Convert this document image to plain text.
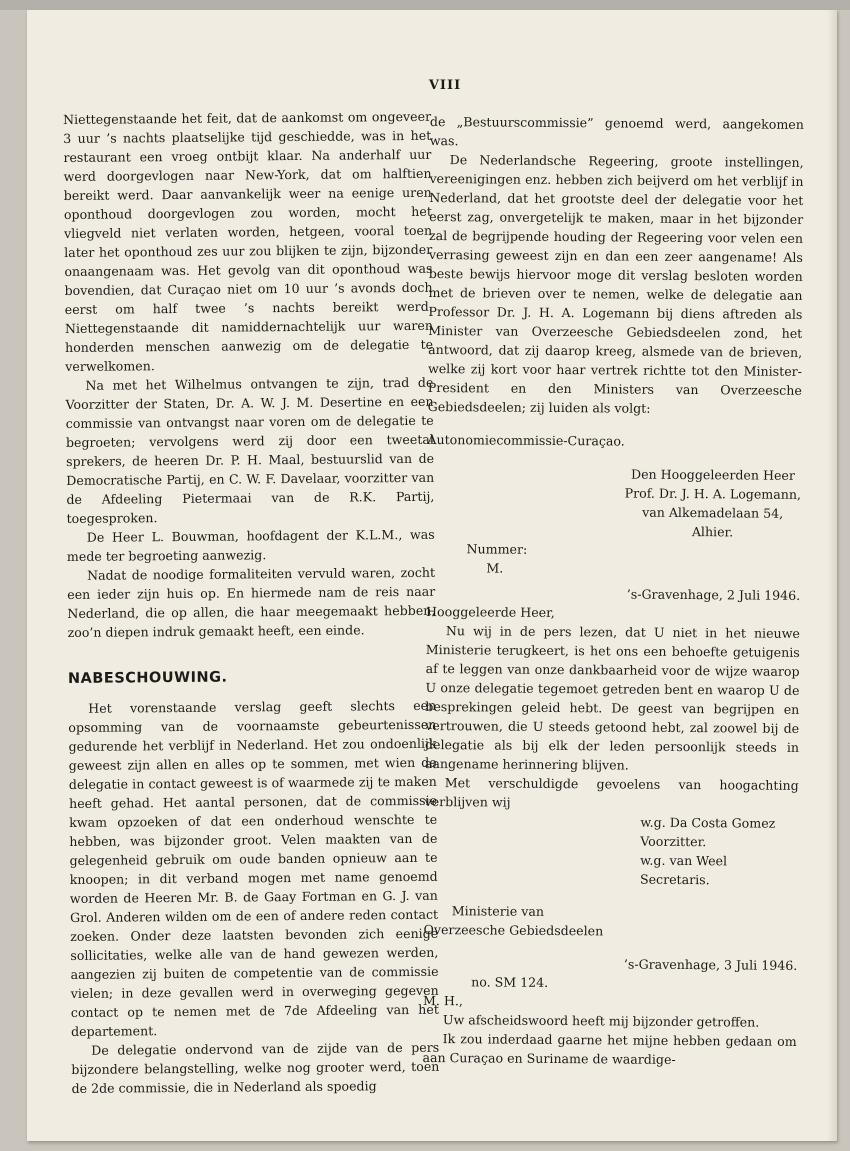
VIII

Niettegenstaande het feit, dat de aankomst om ongeveer 3 uur ’s nachts plaatselijke tijd geschiedde, was in het restaurant een vroeg ontbijt klaar. Na anderhalf uur werd doorgevlogen naar New-York, dat om halftien bereikt werd. Daar aanvankelijk weer na eenige uren oponthoud doorgevlogen zou worden, mocht het vliegveld niet verlaten worden, hetgeen, vooral toen later het oponthoud zes uur zou blijken te zijn, bijzonder onaangenaam was. Het gevolg van dit oponthoud was bovendien, dat Curaçao niet om 10 uur ’s avonds doch eerst om half twee ’s nachts bereikt werd. Niettegenstaande dit namiddernachtelijk uur waren honderden menschen aanwezig om de delegatie te verwelkomen.

Na met het Wilhelmus ontvangen te zijn, trad de Voorzitter der Staten, Dr. A. W. J. M. Desertine en een commissie van ontvangst naar voren om de delegatie te begroeten; vervolgens werd zij door een tweetal sprekers, de heeren Dr. P. H. Maal, bestuurslid van de Democratische Partij, en C. W. F. Davelaar, voorzitter van de Afdeeling Pietermaai van de R.K. Partij, toegesproken.

De Heer L. Bouwman, hoofdagent der K.L.M., was mede ter begroeting aanwezig.

Nadat de noodige formaliteiten vervuld waren, zocht een ieder zijn huis op. En hiermede nam de reis naar Nederland, die op allen, die haar meegemaakt hebben, zoo’n diepen indruk gemaakt heeft, een einde.

NABESCHOUWING.

Het vorenstaande verslag geeft slechts een opsomming van de voornaamste gebeurtenissen gedurende het verblijf in Nederland. Het zou ondoenlijk geweest zijn allen en alles op te sommen, met wien de delegatie in contact geweest is of waarmede zij te maken heeft gehad. Het aantal personen, dat de commissie kwam opzoeken of dat een onderhoud wenschte te hebben, was bijzonder groot. Velen maakten van de gelegenheid gebruik om oude banden opnieuw aan te knoopen; in dit verband mogen met name genoemd worden de Heeren Mr. B. de Gaay Fortman en G. J. van Grol. Anderen wilden om de een of andere reden contact zoeken. Onder deze laatsten bevonden zich eenige sollicitaties, welke alle van de hand gewezen werden, aangezien zij buiten de competentie van de commissie vielen; in deze gevallen werd in overweging gegeven contact op te nemen met de 7de Afdeeling van het departement.

De delegatie ondervond van de zijde van de pers bijzondere belangstelling, welke nog grooter werd, toen de 2de commissie, die in Nederland als spoedig

de „Bestuurscommissie” genoemd werd, aangekomen was.

De Nederlandsche Regeering, groote instellingen, vereenigingen enz. hebben zich beijverd om het verblijf in Nederland, dat het grootste deel der delegatie voor het eerst zag, onvergetelijk te maken, maar in het bijzonder zal de begrijpende houding der Regeering voor velen een verrasing geweest zijn en dan een zeer aangename! Als beste bewijs hiervoor moge dit verslag besloten worden met de brieven over te nemen, welke de delegatie aan Professor Dr. J. H. A. Logemann bij diens aftreden als Minister van Overzeesche Gebiedsdeelen zond, het antwoord, dat zij daarop kreeg, alsmede van de brieven, welke zij kort voor haar vertrek richtte tot den Minister-President en den Ministers van Overzeesche Gebiedsdeelen; zij luiden als volgt:

Autonomiecommissie-Curaçao.
Den Hooggeleerden Heer
Prof. Dr. J. H. A. Logemann,
van Alkemadelaan 54,
Alhier.
Nummer:
M.
’s-Gravenhage, 2 Juli 1946.
Hooggeleerde Heer,

Nu wij in de pers lezen, dat U niet in het nieuwe Ministerie terugkeert, is het ons een behoefte getuigenis af te leggen van onze dankbaarheid voor de wijze waarop U onze delegatie tegemoet getreden bent en waarop U de besprekingen geleid hebt. De geest van begrijpen en vertrouwen, die U steeds getoond hebt, zal zoowel bij de delegatie als bij elk der leden persoonlijk steeds in aangename herinnering blijven.

Met verschuldigde gevoelens van hoogachting verblijven wij

w.g. Da Costa Gomez
Voorzitter.
w.g. van Weel
Secretaris.
Ministerie van
Overzeesche Gebiedsdeelen
’s-Gravenhage, 3 Juli 1946.
no. SM 124.
M. H.,

Uw afscheidswoord heeft mij bijzonder getroffen.

Ik zou inderdaad gaarne het mijne hebben gedaan om aan Curaçao en Suriname de waardige-
